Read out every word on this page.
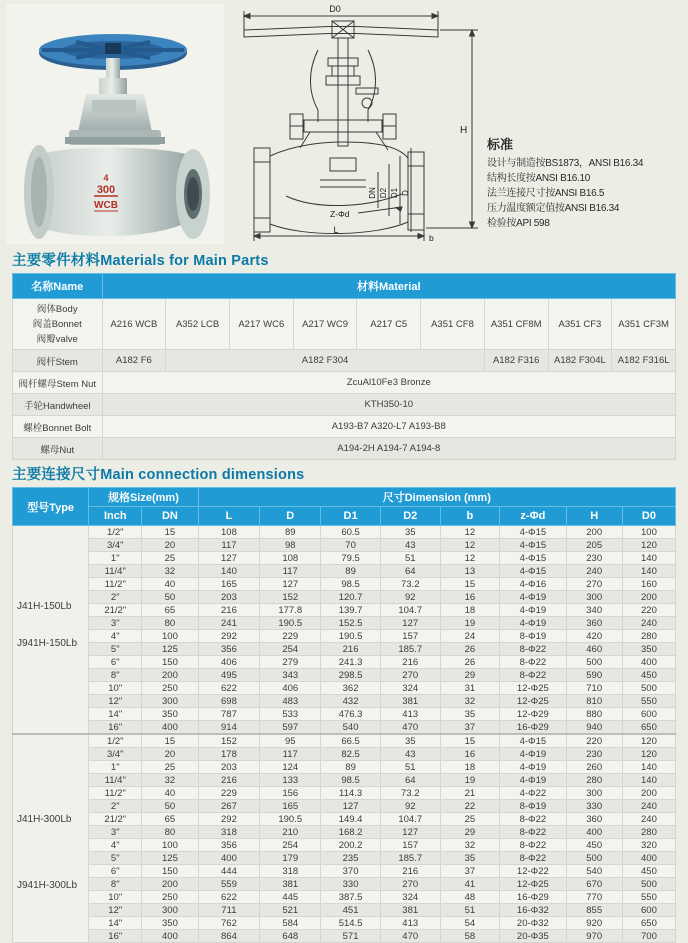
4
300
WCB
D0
H
DN D2 D1 D
Z-Φd
b
L
标准
设计与制造按BS1873，ANSI B16.34
结构长度按ANSI B16.10
法兰连接尺寸按ANSI B16.5
压力温度额定值按ANSI B16.34
检验按API 598
主要零件材料Materials for Main Parts
名称Name	材料Material								

阀体Body
阀盖Bonnet
阀瓣valve	A216 WCB	A352 LCB	A217 WC6	A217 WC9	A217 C5	A351 CF8	A351 CF8M	A351 CF3	A351 CF3M
阀杆Stem	A182 F6	A182 F304					A182 F316	A182 F304L	A182 F316L
阀杆螺母Stem Nut	ZcuAl10Fe3 Bronze								
手轮Handwheel	KTH350-10								
螺栓Bonnet Bolt	A193-B7 A320-L7 A193-B8								
螺母Nut	A194-2H A194-7 A194-8								
主要连接尺寸Main connection dimensions
型号Type	规格Size(mm)		尺寸Dimension (mm)							
	Inch	DN	L	D	D1	D2	b	z-Φd	H	D0

J41H-150Lb
J941H-150Lb	1/2"	15	108	89	60.5	35	12	4-Φ15	200	100
	3/4"	20	117	98	70	43	12	4-Φ15	205	120
	1"	25	127	108	79.5	51	12	4-Φ15	230	140
	11/4"	32	140	117	89	64	13	4-Φ15	240	140
	11/2"	40	165	127	98.5	73.2	15	4-Φ16	270	160
	2"	50	203	152	120.7	92	16	4-Φ19	300	200
	21/2"	65	216	177.8	139.7	104.7	18	4-Φ19	340	220
	3"	80	241	190.5	152.5	127	19	4-Φ19	360	240
	4"	100	292	229	190.5	157	24	8-Φ19	420	280
	5"	125	356	254	216	185.7	26	8-Φ22	460	350
	6"	150	406	279	241.3	216	26	8-Φ22	500	400
	8"	200	495	343	298.5	270	29	8-Φ22	590	450
	10"	250	622	406	362	324	31	12-Φ25	710	500
	12"	300	698	483	432	381	32	12-Φ25	810	550
	14"	350	787	533	476.3	413	35	12-Φ29	880	600
	16"	400	914	597	540	470	37	16-Φ29	940	650

J41H-300Lb
J941H-300Lb	1/2"	15	152	95	66.5	35	15	4-Φ15	220	120
	3/4"	20	178	117	82.5	43	16	4-Φ19	230	120
	1"	25	203	124	89	51	18	4-Φ19	260	140
	11/4"	32	216	133	98.5	64	19	4-Φ19	280	140
	11/2"	40	229	156	114.3	73.2	21	4-Φ22	300	200
	2"	50	267	165	127	92	22	8-Φ19	330	240
	21/2"	65	292	190.5	149.4	104.7	25	8-Φ22	360	240
	3"	80	318	210	168.2	127	29	8-Φ22	400	280
	4"	100	356	254	200.2	157	32	8-Φ22	450	320
	5"	125	400	179	235	185.7	35	8-Φ22	500	400
	6"	150	444	318	370	216	37	12-Φ22	540	450
	8"	200	559	381	330	270	41	12-Φ25	670	500
	10"	250	622	445	387.5	324	48	16-Φ29	770	550
	12"	300	711	521	451	381	51	16-Φ32	855	600
	14"	350	762	584	514.5	413	54	20-Φ32	920	650
	16"	400	864	648	571	470	58	20-Φ35	970	700
